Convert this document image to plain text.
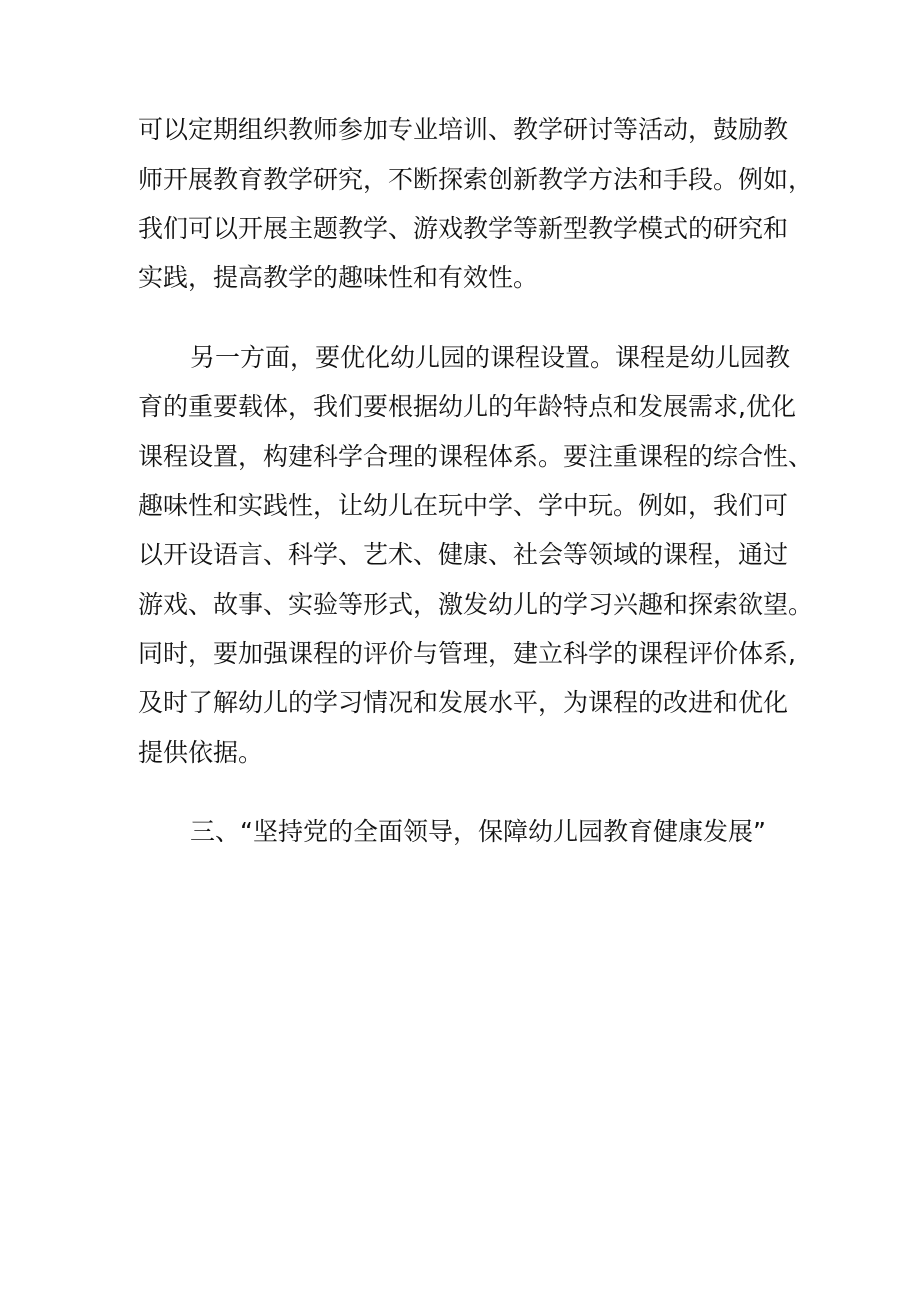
可以定期组织教师参加专业培训、教学研讨等活动，鼓励教

师开展教育教学研究，不断探索创新教学方法和手段。例如，

我们可以开展主题教学、游戏教学等新型教学模式的研究和

实践，提高教学的趣味性和有效性。

另一方面，要优化幼儿园的课程设置。课程是幼儿园教

育的重要载体，我们要根据幼儿的年龄特点和发展需求,优化

课程设置，构建科学合理的课程体系。要注重课程的综合性、

趣味性和实践性，让幼儿在玩中学、学中玩。例如，我们可

以开设语言、科学、艺术、健康、社会等领域的课程，通过

游戏、故事、实验等形式，激发幼儿的学习兴趣和探索欲望。

同时，要加强课程的评价与管理，建立科学的课程评价体系,

及时了解幼儿的学习情况和发展水平，为课程的改进和优化

提供依据。

三、“坚持党的全面领导，保障幼儿园教育健康发展”
